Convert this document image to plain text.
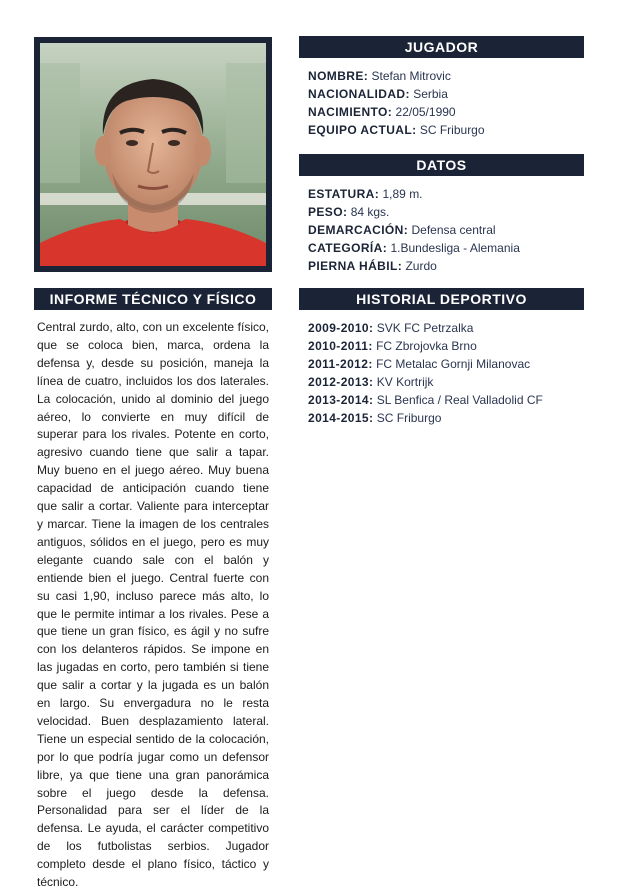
JUGADOR
NOMBRE: Stefan Mitrovic
NACIONALIDAD: Serbia
NACIMIENTO: 22/05/1990
EQUIPO ACTUAL: SC Friburgo
DATOS
ESTATURA: 1,89 m.
PESO: 84 kgs.
DEMARCACIÓN: Defensa central
CATEGORÍA: 1.Bundesliga - Alemania
PIERNA HÁBIL: Zurdo
INFORME TÉCNICO Y FÍSICO
Central zurdo, alto, con un excelente físico, que se coloca bien, marca, ordena la defensa y, desde su posición, maneja la línea de cuatro, incluidos los dos laterales. La colocación, unido al dominio del juego aéreo, lo convierte en muy difícil de superar para los rivales. Potente en corto, agresivo cuando tiene que salir a tapar. Muy bueno en el juego aéreo. Muy buena capacidad de anticipación cuando tiene que salir a cortar. Valiente para interceptar y marcar. Tiene la imagen de los centrales antiguos, sólidos en el juego, pero es muy elegante cuando sale con el balón y entiende bien el juego. Central fuerte con su casi 1,90, incluso parece más alto, lo que le permite intimar a los rivales. Pese a que tiene un gran físico, es ágil y no sufre con los delanteros rápidos. Se impone en las jugadas en corto, pero también si tiene que salir a cortar y la jugada es un balón en largo. Su envergadura no le resta velocidad. Buen desplazamiento lateral. Tiene un especial sentido de la colocación, por lo que podría jugar como un defensor libre, ya que tiene una gran panorámica sobre el juego desde la defensa. Personalidad para ser el líder de la defensa. Le ayuda, el carácter competitivo de los futbolistas serbios. Jugador completo desde el plano físico, táctico y técnico.
HISTORIAL DEPORTIVO
2009-2010: SVK FC Petrzalka
2010-2011: FC Zbrojovka Brno
2011-2012: FC Metalac Gornji Milanovac
2012-2013: KV Kortrijk
2013-2014: SL Benfica / Real Valladolid CF
2014-2015: SC Friburgo
